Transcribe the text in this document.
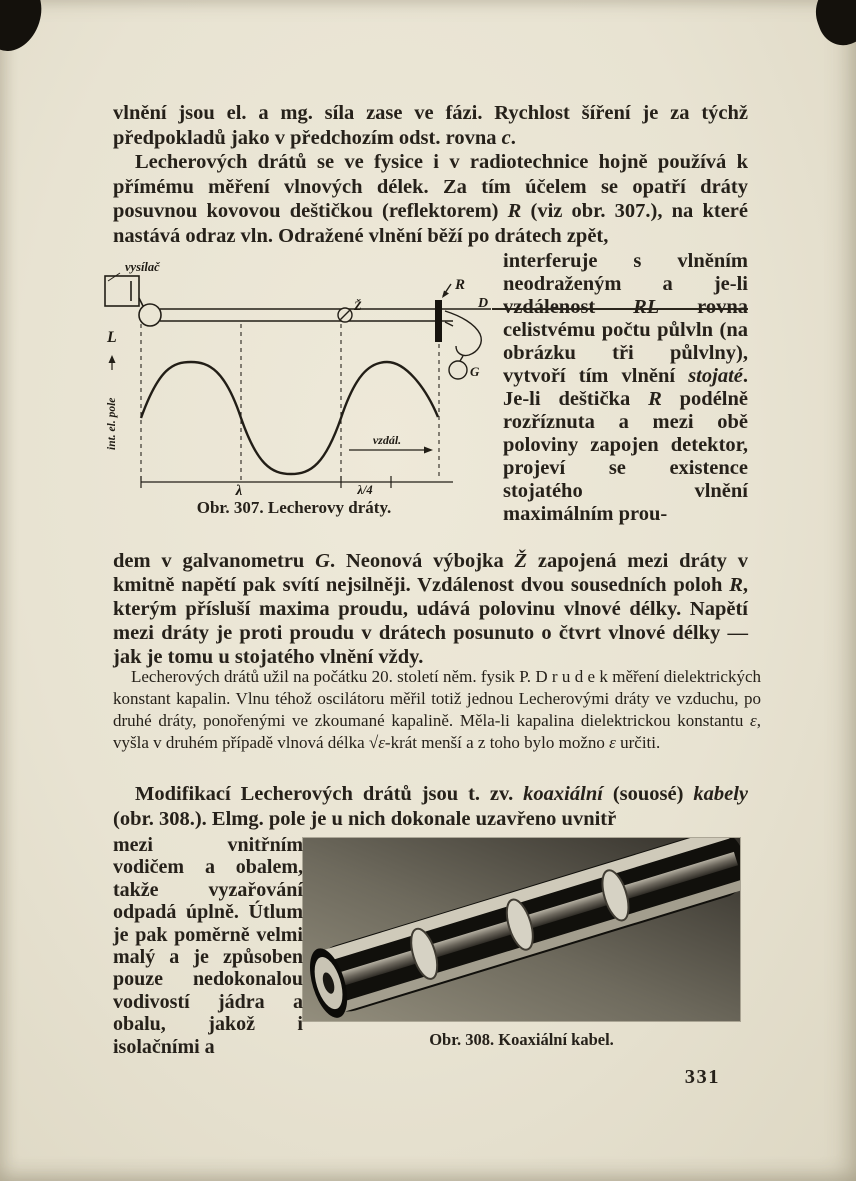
vlnění jsou el. a mg. síla zase ve fázi. Rychlost šíření je za týchž předpokladů jako v předchozím odst. rovna c.

Lecherových drátů se ve fysice i v radiotechnice hojně používá k přímému měření vlnových délek. Za tím účelem se opatří dráty posuvnou kovovou deštičkou (reflektorem) R (viz obr. 307.), na které nastává odraz vln. Odražené vlnění běží po drátech zpět,

vysílač
L
R
Ž	D
G
vzdál.
int. el. pole
λ	λ/4
Obr. 307. Lecherovy dráty.
interferuje s vlněním neodraženým a je-li vzdálenost RL rovna celistvému počtu půlvln (na obrázku tři půlvlny), vytvoří tím vlnění stojaté. Je-li deštička R podélně rozříznuta a mezi obě poloviny zapojen detektor, projeví se existence stojatého vlnění maximálním prou-
dem v galvanometru G. Neonová výbojka Ž zapojená mezi dráty v kmitně napětí pak svítí nejsilněji. Vzdálenost dvou sousedních poloh R, kterým přísluší maxima proudu, udává polovinu vlnové délky. Napětí mezi dráty je proti proudu v drátech posunuto o čtvrt vlnové délky — jak je tomu u stojatého vlnění vždy.
Lecherových drátů užil na počátku 20. století něm. fysik P. D r u d e k měření dielektrických konstant kapalin. Vlnu téhož oscilátoru měřil totiž jednou Lecherovými dráty ve vzduchu, po druhé dráty, ponořenými ve zkoumané kapalině. Měla-li kapalina dielektrickou konstantu ε, vyšla v druhém případě vlnová délka √ε-krát menší a z toho bylo možno ε určiti.
Modifikací Lecherových drátů jsou t. zv. koaxiální (souosé) kabely (obr. 308.). Elmg. pole je u nich dokonale uzavřeno uvnitř
mezi vnitřním vodičem a obalem, takže vyzařování odpadá úplně. Útlum je pak poměrně velmi malý a je způsoben pouze nedokonalou vodivostí jádra a obalu, jakož i isolačními a	Obr. 308. Koaxiální kabel.
331
